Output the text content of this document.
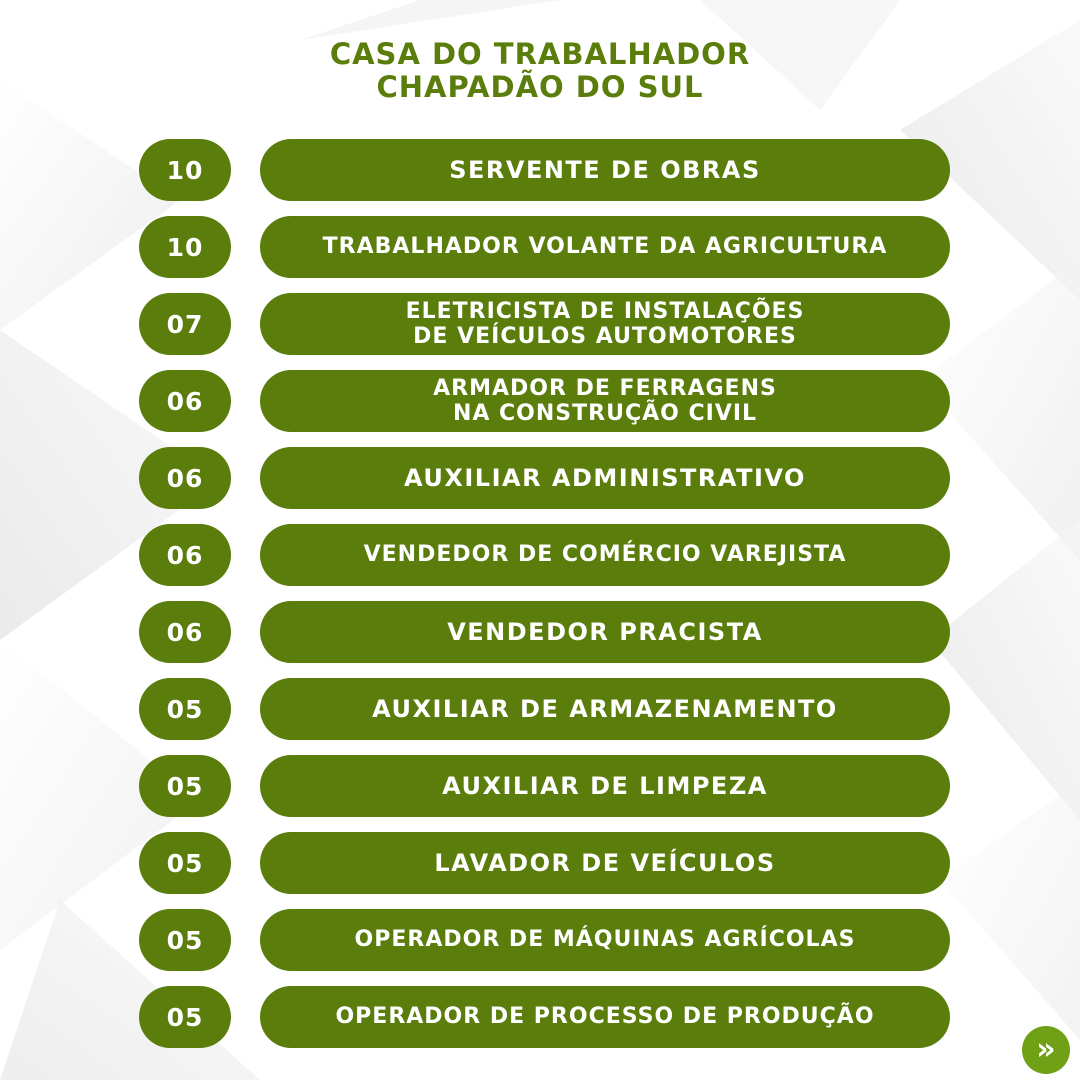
CASA DO TRABALHADOR
CHAPADÃO DO SUL
10	SERVENTE DE OBRAS
10	TRABALHADOR VOLANTE DA AGRICULTURA
07	ELETRICISTA DE INSTALAÇÕES
DE VEÍCULOS AUTOMOTORES
06	ARMADOR DE FERRAGENS
NA CONSTRUÇÃO CIVIL
06	AUXILIAR ADMINISTRATIVO
06	VENDEDOR DE COMÉRCIO VAREJISTA
06	VENDEDOR PRACISTA
05	AUXILIAR DE ARMAZENAMENTO
05	AUXILIAR DE LIMPEZA
05	LAVADOR DE VEÍCULOS
05	OPERADOR DE MÁQUINAS AGRÍCOLAS
05	OPERADOR DE PROCESSO DE PRODUÇÃO
»
